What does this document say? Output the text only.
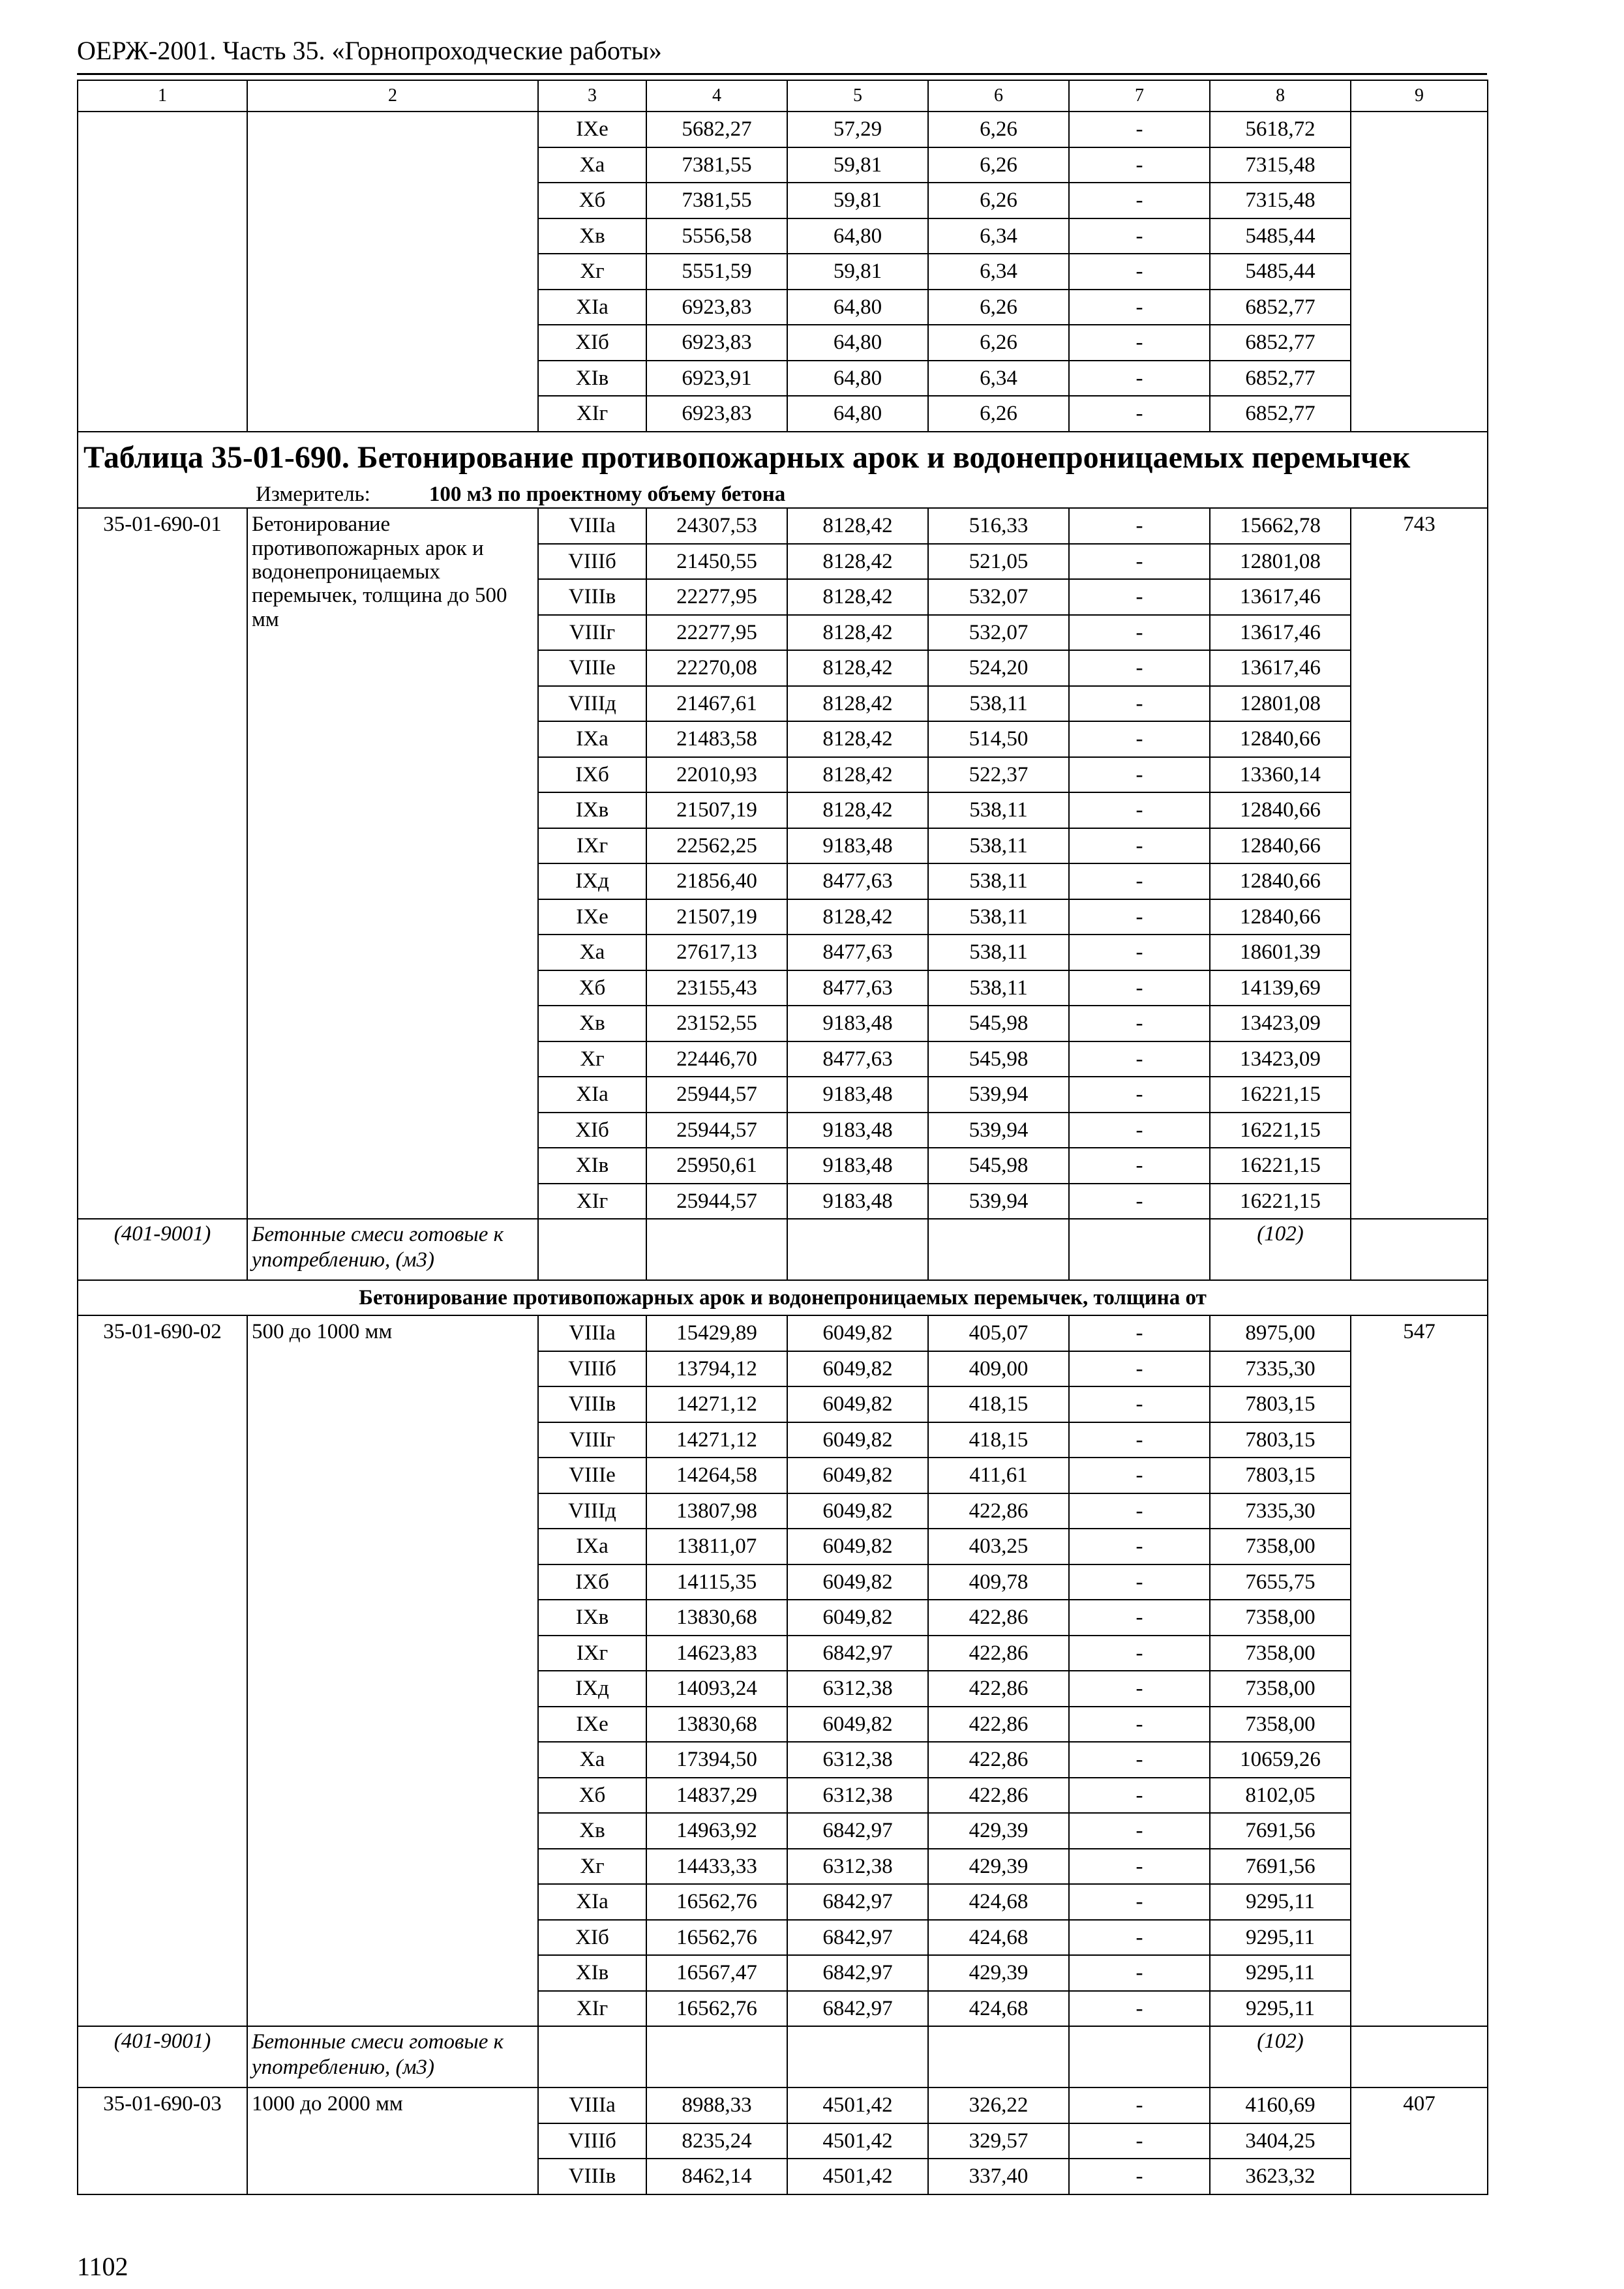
ОЕРЖ-2001. Часть 35. «Горнопроходческие работы»
1	2	3	4	5	6	7	8	9
		IXe	5682,27	57,29	6,26	-	5618,72	
		Xa	7381,55	59,81	6,26	-	7315,48	
		Xб	7381,55	59,81	6,26	-	7315,48	
		Xв	5556,58	64,80	6,34	-	5485,44	
		Xг	5551,59	59,81	6,34	-	5485,44	
		XIa	6923,83	64,80	6,26	-	6852,77	
		XIб	6923,83	64,80	6,26	-	6852,77	
		XIв	6923,91	64,80	6,34	-	6852,77	
		XIг	6923,83	64,80	6,26	-	6852,77	

Таблица 35-01-690. Бетонирование противопожарных арок и водонепроницаемых перемычек
Измеритель: 100 м3 по проектному объему бетона								

35-01-690-01	Бетонирование противопожарных арок и водонепроницаемых перемычек, толщина до 500 мм	VIIIa	24307,53	8128,42	516,33	-	15662,78	743
		VIIIб	21450,55	8128,42	521,05	-	12801,08	
		VIIIв	22277,95	8128,42	532,07	-	13617,46	
		VIIIг	22277,95	8128,42	532,07	-	13617,46	
		VIIIe	22270,08	8128,42	524,20	-	13617,46	
		VIIIд	21467,61	8128,42	538,11	-	12801,08	
		IXa	21483,58	8128,42	514,50	-	12840,66	
		IXб	22010,93	8128,42	522,37	-	13360,14	
		IXв	21507,19	8128,42	538,11	-	12840,66	
		IXг	22562,25	9183,48	538,11	-	12840,66	
		IXд	21856,40	8477,63	538,11	-	12840,66	
		IXe	21507,19	8128,42	538,11	-	12840,66	
		Xa	27617,13	8477,63	538,11	-	18601,39	
		Xб	23155,43	8477,63	538,11	-	14139,69	
		Xв	23152,55	9183,48	545,98	-	13423,09	
		Xг	22446,70	8477,63	545,98	-	13423,09	
		XIa	25944,57	9183,48	539,94	-	16221,15	
		XIб	25944,57	9183,48	539,94	-	16221,15	
		XIв	25950,61	9183,48	545,98	-	16221,15	
		XIг	25944,57	9183,48	539,94	-	16221,15	
(401-9001)	Бетонные смеси готовые к употреблению, (м3)						(102)	
Бетонирование противопожарных арок и водонепроницаемых перемычек, толщина от								
35-01-690-02	500 до 1000 мм	VIIIa	15429,89	6049,82	405,07	-	8975,00	547
		VIIIб	13794,12	6049,82	409,00	-	7335,30	
		VIIIв	14271,12	6049,82	418,15	-	7803,15	
		VIIIг	14271,12	6049,82	418,15	-	7803,15	
		VIIIe	14264,58	6049,82	411,61	-	7803,15	
		VIIIд	13807,98	6049,82	422,86	-	7335,30	
		IXa	13811,07	6049,82	403,25	-	7358,00	
		IXб	14115,35	6049,82	409,78	-	7655,75	
		IXв	13830,68	6049,82	422,86	-	7358,00	
		IXг	14623,83	6842,97	422,86	-	7358,00	
		IXд	14093,24	6312,38	422,86	-	7358,00	
		IXe	13830,68	6049,82	422,86	-	7358,00	
		Xa	17394,50	6312,38	422,86	-	10659,26	
		Xб	14837,29	6312,38	422,86	-	8102,05	
		Xв	14963,92	6842,97	429,39	-	7691,56	
		Xг	14433,33	6312,38	429,39	-	7691,56	
		XIa	16562,76	6842,97	424,68	-	9295,11	
		XIб	16562,76	6842,97	424,68	-	9295,11	
		XIв	16567,47	6842,97	429,39	-	9295,11	
		XIг	16562,76	6842,97	424,68	-	9295,11	
(401-9001)	Бетонные смеси готовые к употреблению, (м3)						(102)	
35-01-690-03	1000 до 2000 мм	VIIIa	8988,33	4501,42	326,22	-	4160,69	407
		VIIIб	8235,24	4501,42	329,57	-	3404,25	
		VIIIв	8462,14	4501,42	337,40	-	3623,32	
1102
